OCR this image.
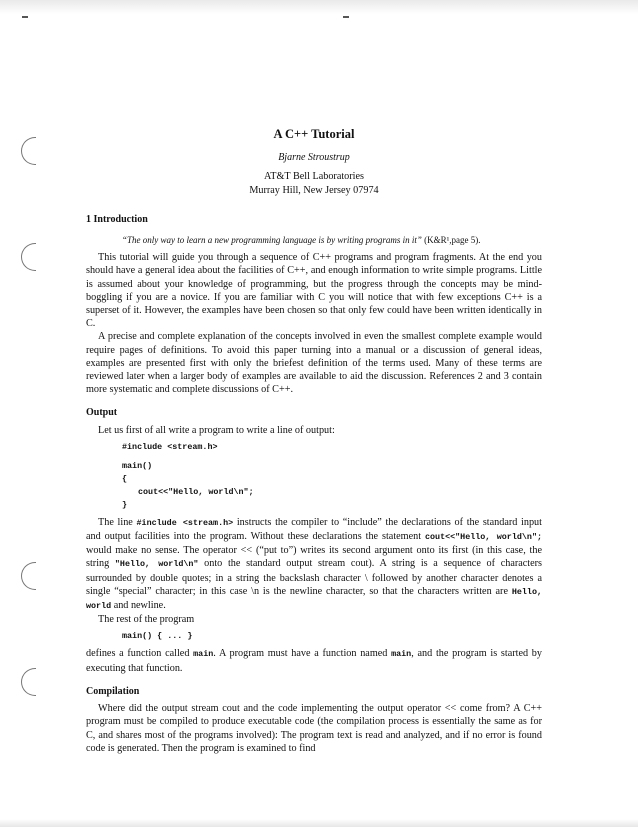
A C++ Tutorial
Bjarne Stroustrup
AT&T Bell Laboratories
Murray Hill, New Jersey 07974
1 Introduction
“The only way to learn a new programming language is by writing programs in it” (K&R¹,page 5).

This tutorial will guide you through a sequence of C++ programs and program fragments. At the end you should have a general idea about the facilities of C++, and enough information to write simple programs. Little is assumed about your knowledge of programming, but the progress through the concepts may be mind-boggling if you are a novice. If you are familiar with C you will notice that with few exceptions C++ is a superset of it. However, the examples have been chosen so that only few could have been written identically in C.

A precise and complete explanation of the concepts involved in even the smallest complete example would require pages of definitions. To avoid this paper turning into a manual or a discussion of general ideas, examples are presented first with only the briefest definition of the terms used. Many of these terms are reviewed later when a larger body of examples are available to aid the discussion. References 2 and 3 contain more systematic and complete discussions of C++.

Output

Let us first of all write a program to write a line of output:

#include <stream.h>
main()
{
cout<<"Hello, world\n";
}

The line #include <stream.h> instructs the compiler to “include” the declarations of the standard input and output facilities into the program. Without these declarations the statement cout<<"Hello, world\n"; would make no sense. The operator << (“put to”) writes its second argument onto its first (in this case, the string "Hello, world\n" onto the standard output stream cout). A string is a sequence of characters surrounded by double quotes; in a string the backslash character \ followed by another character denotes a single “special” character; in this case \n is the newline character, so that the characters written are Hello, world and newline.

The rest of the program

main() { ... }

defines a function called main. A program must have a function named main, and the program is started by executing that function.

Compilation

Where did the output stream cout and the code implementing the output operator << come from? A C++ program must be compiled to produce executable code (the compilation process is essentially the same as for C, and shares most of the programs involved): The program text is read and analyzed, and if no error is found code is generated. Then the program is examined to find
